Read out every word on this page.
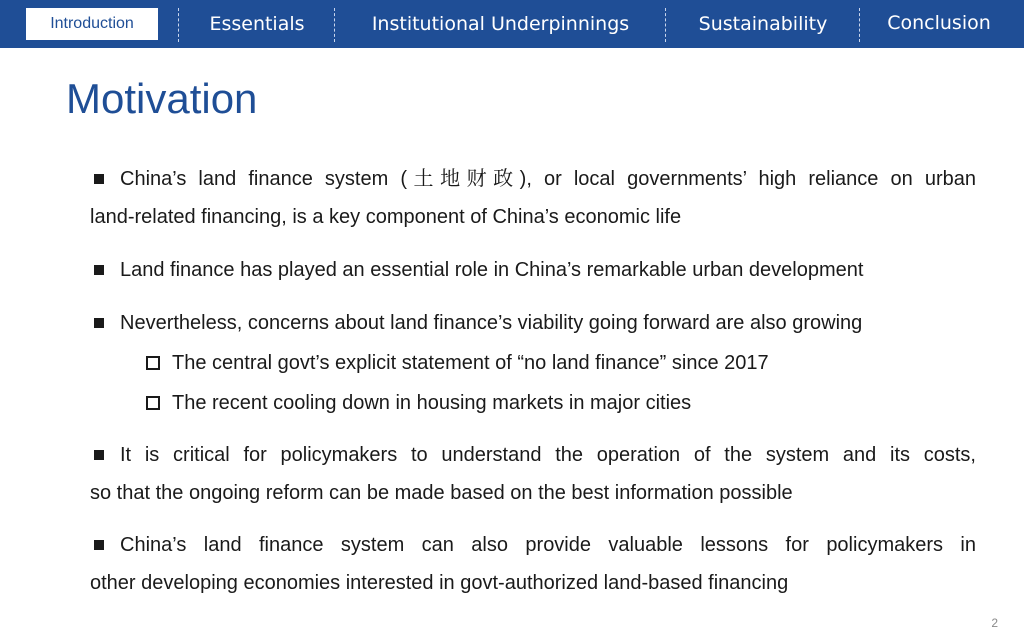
Introduction	Essentials	Institutional Underpinnings	Sustainability	Conclusion
Motivation
China’s land finance system (土地财政), or local governments’ high reliance on urban
land-related financing, is a key component of China’s economic life
Land finance has played an essential role in China’s remarkable urban development
Nevertheless, concerns about land finance’s viability going forward are also growing
The central govt’s explicit statement of “no land finance” since 2017
The recent cooling down in housing markets in major cities
It is critical for policymakers to understand the operation of the system and its costs,
so that the ongoing reform can be made based on the best information possible
China’s land finance system can also provide valuable lessons for policymakers in
other developing economies interested in govt-authorized land-based financing
2
